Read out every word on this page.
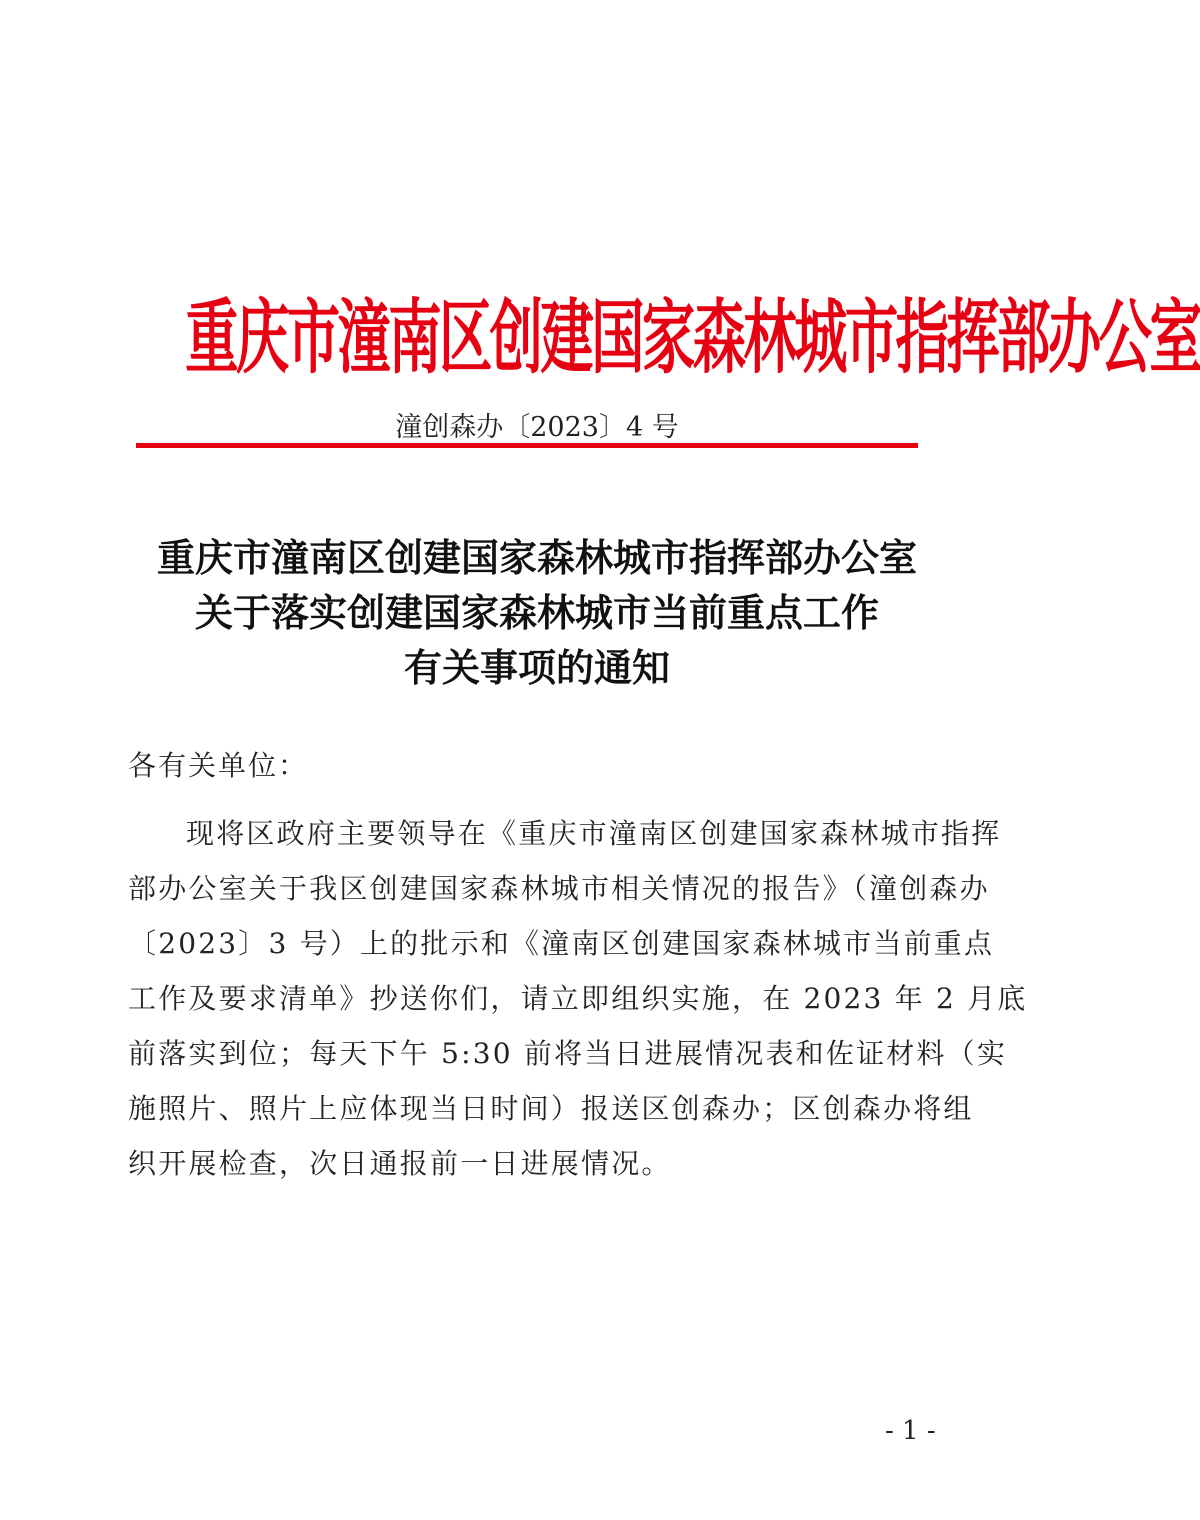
重庆市潼南区创建国家森林城市指挥部办公室
潼创森办〔2023〕4 号
重庆市潼南区创建国家森林城市指挥部办公室
关于落实创建国家森林城市当前重点工作
有关事项的通知
各有关单位：
现将区政府主要领导在《重庆市潼南区创建国家森林城市指挥
部办公室关于我区创建国家森林城市相关情况的报告》（潼创森办
〔2023〕3 号）上的批示和《潼南区创建国家森林城市当前重点
工作及要求清单》抄送你们，请立即组织实施，在 2023 年 2 月底
前落实到位；每天下午 5:30 前将当日进展情况表和佐证材料（实
施照片、照片上应体现当日时间）报送区创森办；区创森办将组
织开展检查，次日通报前一日进展情况。
- 1 -
